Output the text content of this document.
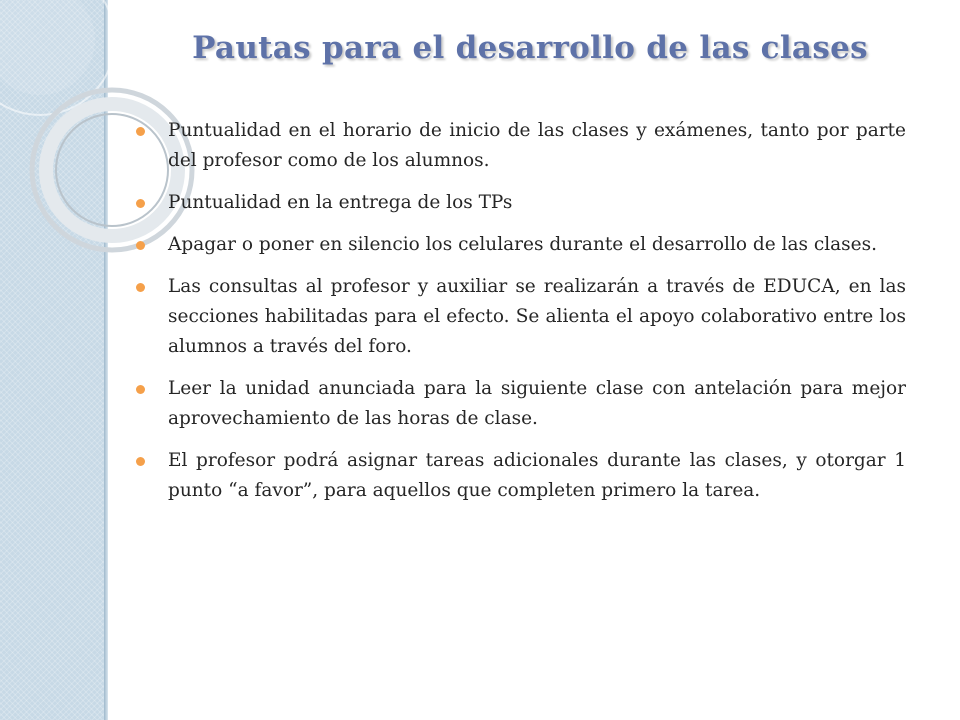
Pautas para el desarrollo de las clases
Puntualidad en el horario de inicio de las clases y exámenes, tanto por parte del profesor como de los alumnos.
Puntualidad en la entrega de los TPs
Apagar o poner en silencio los celulares durante el desarrollo de las clases.
Las consultas al profesor y auxiliar se realizarán a través de EDUCA, en las secciones habilitadas para el efecto. Se alienta el apoyo colaborativo entre los alumnos a través del foro.
Leer la unidad anunciada para la siguiente clase con antelación para mejor aprovechamiento de las horas de clase.
El profesor podrá asignar tareas adicionales durante las clases, y otorgar 1 punto “a favor”, para aquellos que completen primero la tarea.
